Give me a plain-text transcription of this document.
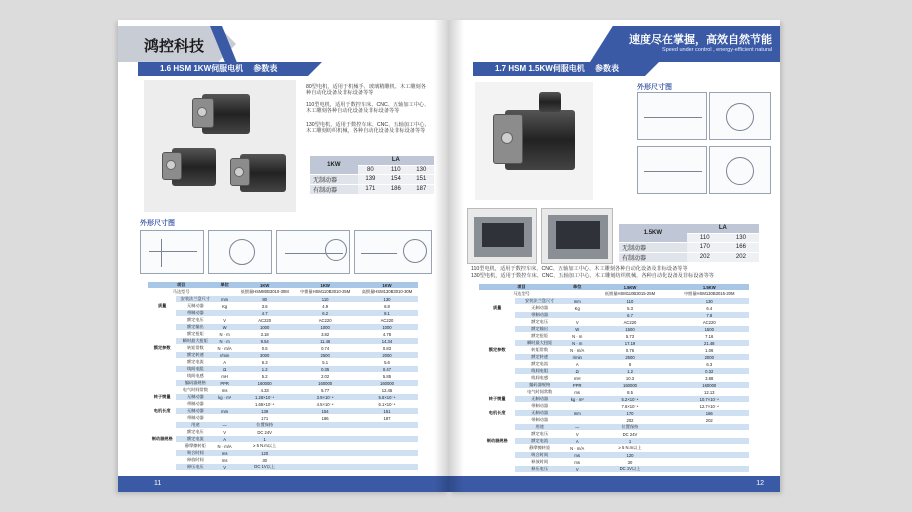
鸿控科技
1.6 HSM 1KW伺服电机　 参数表
80型电机，适用于机械手、玻璃精雕机、木工雕刻各种自动化设备及非标设备等等
110型电机，适用于数控车床、CNC、五轴加工中心、木工雕刻各种自动化设备及非标设备等等
130型电机，适用于数控车床、CNC、五轴加工中心、木工雕刻纺织机械，各种自动化设备及非标设备等等
1KW	LA		
	80	110	130
无制动器	139	154	151
有制动器	171	186	187
外形尺寸图
项目		单位	1KW	1KW	1KW
马达型号			低惯量HSM80B3010-30M	中惯量HSM110B3010-25M	高惯量HSM130B3010-30M
	安装法兰盘尺寸	mm	80	110	130
质量	无制动器	Kg	3.6	4.9	6.8
	带制动器		4.7	6.2	8.1
	额定电压	V	AC220	AC220	AC220
	额定输出	W	1000	1000	1000
	额定扭矩	N · m	3.18	3.82	4.78
	瞬时最大扭矩	N · m	9.54	11.46	14.34
额定参数	转矩常数	N · m/A	0.5	0.74	0.83
	额定转速	r/min	3000	2500	2000
	额定电流	A	6.3	5.1	5.6
	线间电阻	Ω	1.2	0.35	0.47
	线间电感	mH	5.2	2.02	5.85
	编码器规格	PPR	160000	160000	160000
	电气时间常数	ms	4.33	5.77	12.45
转子惯量	无制动器	kg · m²	1.26×10⁻⁴	3.9×10⁻⁴	5.6×10⁻⁴
	带制动器		1.65×10⁻⁴	4.5×10⁻⁴	6.1×10⁻⁴
电机长度	无制动器	mm	139	154	151
	带制动器		171	186	187
	用途	—	位置保持		
	额定电压	V	DC 24V		
制动器规格	额定电流	A	1		
	静摩擦转矩	N · m/A	≥ 5 N.m以上		
	吸合时间	ms	120		
	释放时间	ms	30		
	释压电压	V	DC 1V以上		
11
速度尽在掌握，高效自然节能
Speed under control , energy-efficient natural
1.7 HSM 1.5KW伺服电机　 参数表
外形尺寸图
1.5KW	LA	
	110	130
无制动器	170	166
有制动器	202	202
110型电机，适用于数控车床、CNC、五轴加工中心、木工雕刻各种自动化设备及非标设备等等
130型电机，适用于数控车床、CNC、五轴加工中心、木工雕刻纺织机械，各种自动化设备及非标设备等等
项目		单位	1.5KW	1.5KW
马达型号			低惯量HSM110B3015-25M	中惯量HSM130B3015-20M
	安装法兰盘尺寸	mm	110	130
质量	无制动器	Kg	5.3	6.4
	带制动器		6.7	7.8
	额定电压	V	AC220	AC220
	额定输出	W	1500	1500
	额定扭矩	N · m	5.73	7.16
	瞬时最大扭矩	N · m	17.19	21.48
额定参数	转矩常数	N · m/A	0.76	1.06
	额定转速	r/min	2500	2000
	额定电流	A	6	6.3
	线间电阻	Ω	1.2	0.32
	线间电感	mH	10.3	3.88
	编码器规格	PPR	160000	160000
	电气时间常数	ms	8.5	12.13
转子惯量	无制动器	kg · m²	5.2×10⁻⁴	10.7×10⁻⁴
	带制动器		7.6×10⁻⁴	12.7×10⁻⁴
电机长度	无制动器	mm	170	166
	带制动器		202	202
	用途	—	位置保持	
	额定电压	V	DC 24V	
制动器规格	额定电流	A	1	
	静摩擦转矩	N · m/A	≥ 5 N.m以上	
	吸合时间	ms	120	
	释放时间	ms	30	
	释压电压	V	DC 1V以上	
12
